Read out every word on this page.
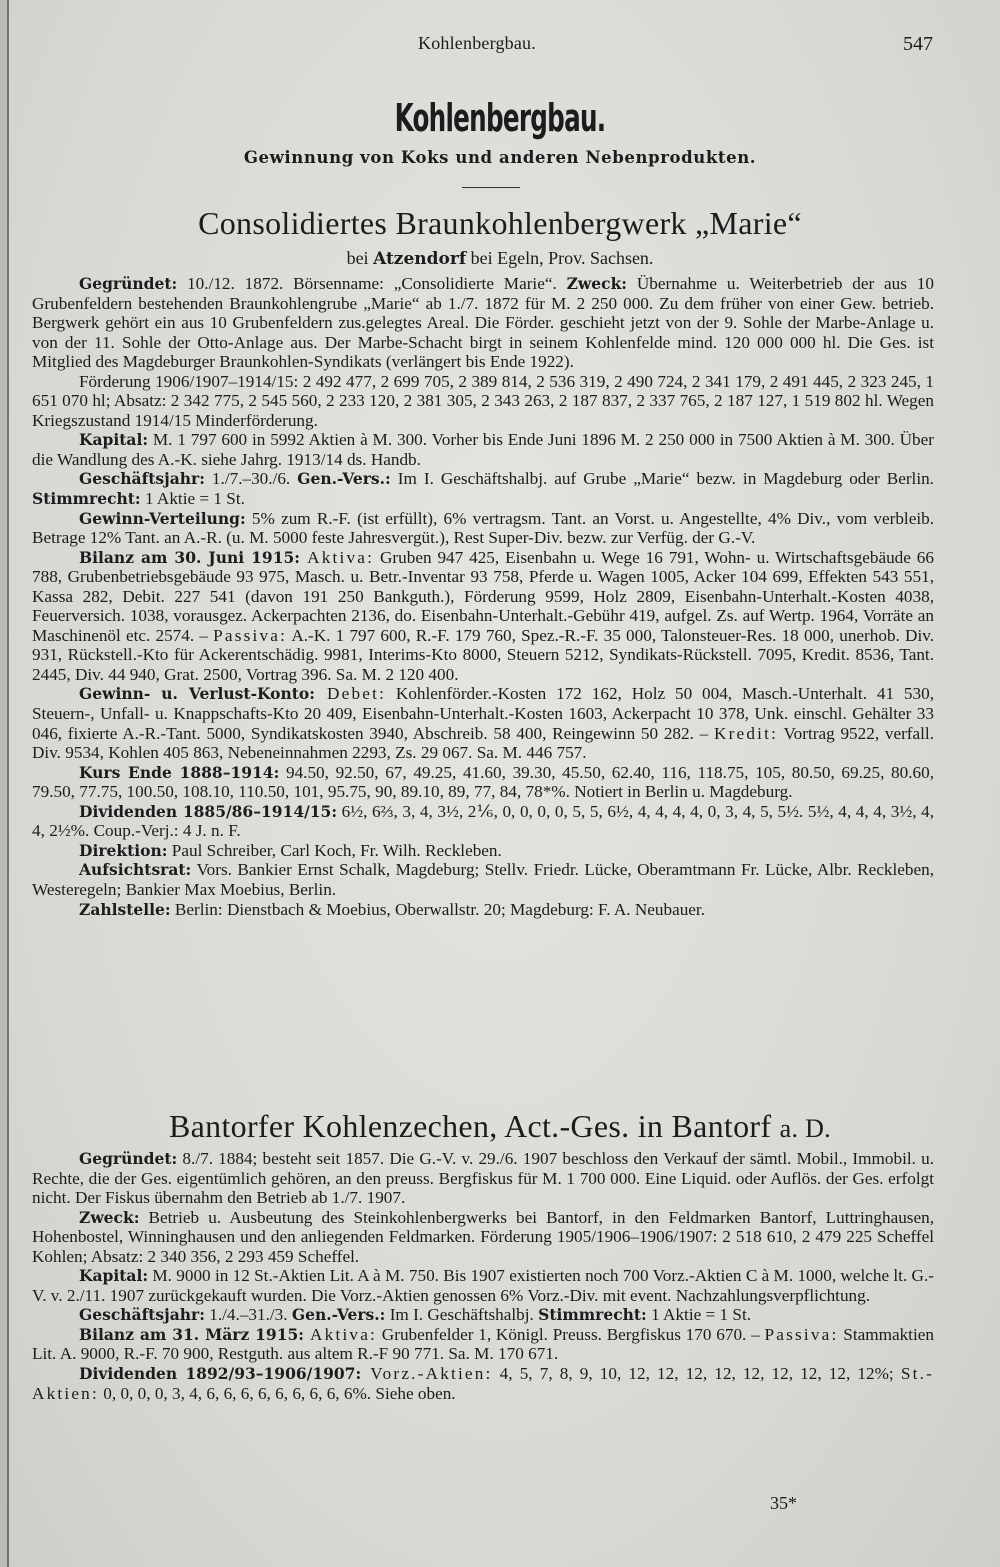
Kohlenbergbau.	547
Kohlenbergbau.
Gewinnung von Koks und anderen Nebenprodukten.
Consolidiertes Braunkohlenbergwerk „Marie“
bei Atzendorf bei Egeln, Prov. Sachsen.

Gegründet: 10./12. 1872. Börsenname: „Consolidierte Marie“. Zweck: Übernahme u. Weiterbetrieb der aus 10 Grubenfeldern bestehenden Braunkohlengrube „Marie“ ab 1./7. 1872 für M. 2 250 000. Zu dem früher von einer Gew. betrieb. Bergwerk gehört ein aus 10 Grubenfeldern zus.gelegtes Areal. Die Förder. geschieht jetzt von der 9. Sohle der Marbe-Anlage u. von der 11. Sohle der Otto-Anlage aus. Der Marbe-Schacht birgt in seinem Kohlenfelde mind. 120 000 000 hl. Die Ges. ist Mitglied des Magdeburger Braunkohlen-Syndikats (verlängert bis Ende 1922).

Förderung 1906/1907–1914/15: 2 492 477, 2 699 705, 2 389 814, 2 536 319, 2 490 724, 2 341 179, 2 491 445, 2 323 245, 1 651 070 hl; Absatz: 2 342 775, 2 545 560, 2 233 120, 2 381 305, 2 343 263, 2 187 837, 2 337 765, 2 187 127, 1 519 802 hl. Wegen Kriegszustand 1914/15 Minderförderung.

Kapital: M. 1 797 600 in 5992 Aktien à M. 300. Vorher bis Ende Juni 1896 M. 2 250 000 in 7500 Aktien à M. 300. Über die Wandlung des A.-K. siehe Jahrg. 1913/14 ds. Handb.

Geschäftsjahr: 1./7.–30./6. Gen.-Vers.: Im I. Geschäftshalbj. auf Grube „Marie“ bezw. in Magdeburg oder Berlin. Stimmrecht: 1 Aktie = 1 St.

Gewinn-Verteilung: 5% zum R.-F. (ist erfüllt), 6% vertragsm. Tant. an Vorst. u. Angestellte, 4% Div., vom verbleib. Betrage 12% Tant. an A.-R. (u. M. 5000 feste Jahresvergüt.), Rest Super-Div. bezw. zur Verfüg. der G.-V.

Bilanz am 30. Juni 1915: Aktiva: Gruben 947 425, Eisenbahn u. Wege 16 791, Wohn- u. Wirtschaftsgebäude 66 788, Grubenbetriebsgebäude 93 975, Masch. u. Betr.-Inventar 93 758, Pferde u. Wagen 1005, Acker 104 699, Effekten 543 551, Kassa 282, Debit. 227 541 (davon 191 250 Bankguth.), Förderung 9599, Holz 2809, Eisenbahn-Unterhalt.-Kosten 4038, Feuerversich. 1038, vorausgez. Ackerpachten 2136, do. Eisenbahn-Unterhalt.-Gebühr 419, aufgel. Zs. auf Wertp. 1964, Vorräte an Maschinenöl etc. 2574. – Passiva: A.-K. 1 797 600, R.-F. 179 760, Spez.-R.-F. 35 000, Talonsteuer-Res. 18 000, unerhob. Div. 931, Rückstell.-Kto für Ackerentschädig. 9981, Interims-Kto 8000, Steuern 5212, Syndikats-Rückstell. 7095, Kredit. 8536, Tant. 2445, Div. 44 940, Grat. 2500, Vortrag 396. Sa. M. 2 120 400.

Gewinn- u. Verlust-Konto: Debet: Kohlenförder.-Kosten 172 162, Holz 50 004, Masch.-Unterhalt. 41 530, Steuern-, Unfall- u. Knappschafts-Kto 20 409, Eisenbahn-Unterhalt.-Kosten 1603, Ackerpacht 10 378, Unk. einschl. Gehälter 33 046, fixierte A.-R.-Tant. 5000, Syndikatskosten 3940, Abschreib. 58 400, Reingewinn 50 282. – Kredit: Vortrag 9522, verfall. Div. 9534, Kohlen 405 863, Nebeneinnahmen 2293, Zs. 29 067. Sa. M. 446 757.

Kurs Ende 1888–1914: 94.50, 92.50, 67, 49.25, 41.60, 39.30, 45.50, 62.40, 116, 118.75, 105, 80.50, 69.25, 80.60, 79.50, 77.75, 100.50, 108.10, 110.50, 101, 95.75, 90, 89.10, 89, 77, 84, 78*%. Notiert in Berlin u. Magdeburg.

Dividenden 1885/86–1914/15: 6½, 6⅔, 3, 4, 3½, 2⅙, 0, 0, 0, 0, 5, 5, 6½, 4, 4, 4, 4, 0, 3, 4, 5, 5½. 5½, 4, 4, 4, 3½, 4, 4, 2½%. Coup.-Verj.: 4 J. n. F.

Direktion: Paul Schreiber, Carl Koch, Fr. Wilh. Reckleben.

Aufsichtsrat: Vors. Bankier Ernst Schalk, Magdeburg; Stellv. Friedr. Lücke, Oberamtmann Fr. Lücke, Albr. Reckleben, Westeregeln; Bankier Max Moebius, Berlin.

Zahlstelle: Berlin: Dienstbach & Moebius, Oberwallstr. 20; Magdeburg: F. A. Neubauer.

Bantorfer Kohlenzechen, Act.-Ges. in Bantorf a. D.

Gegründet: 8./7. 1884; besteht seit 1857. Die G.-V. v. 29./6. 1907 beschloss den Verkauf der sämtl. Mobil., Immobil. u. Rechte, die der Ges. eigentümlich gehören, an den preuss. Bergfiskus für M. 1 700 000. Eine Liquid. oder Auflös. der Ges. erfolgt nicht. Der Fiskus übernahm den Betrieb ab 1./7. 1907.

Zweck: Betrieb u. Ausbeutung des Steinkohlenbergwerks bei Bantorf, in den Feldmarken Bantorf, Luttringhausen, Hohenbostel, Winninghausen und den anliegenden Feldmarken. Förderung 1905/1906–1906/1907: 2 518 610, 2 479 225 Scheffel Kohlen; Absatz: 2 340 356, 2 293 459 Scheffel.

Kapital: M. 9000 in 12 St.-Aktien Lit. A à M. 750. Bis 1907 existierten noch 700 Vorz.-Aktien C à M. 1000, welche lt. G.-V. v. 2./11. 1907 zurückgekauft wurden. Die Vorz.-Aktien genossen 6% Vorz.-Div. mit event. Nachzahlungsverpflichtung.

Geschäftsjahr: 1./4.–31./3. Gen.-Vers.: Im I. Geschäftshalbj. Stimmrecht: 1 Aktie = 1 St.

Bilanz am 31. März 1915: Aktiva: Grubenfelder 1, Königl. Preuss. Bergfiskus 170 670. – Passiva: Stammaktien Lit. A. 9000, R.-F. 70 900, Restguth. aus altem R.-F 90 771. Sa. M. 170 671.

Dividenden 1892/93–1906/1907: Vorz.-Aktien: 4, 5, 7, 8, 9, 10, 12, 12, 12, 12, 12, 12, 12, 12, 12%; St.-Aktien: 0, 0, 0, 0, 3, 4, 6, 6, 6, 6, 6, 6, 6, 6, 6%. Siehe oben.

35*
